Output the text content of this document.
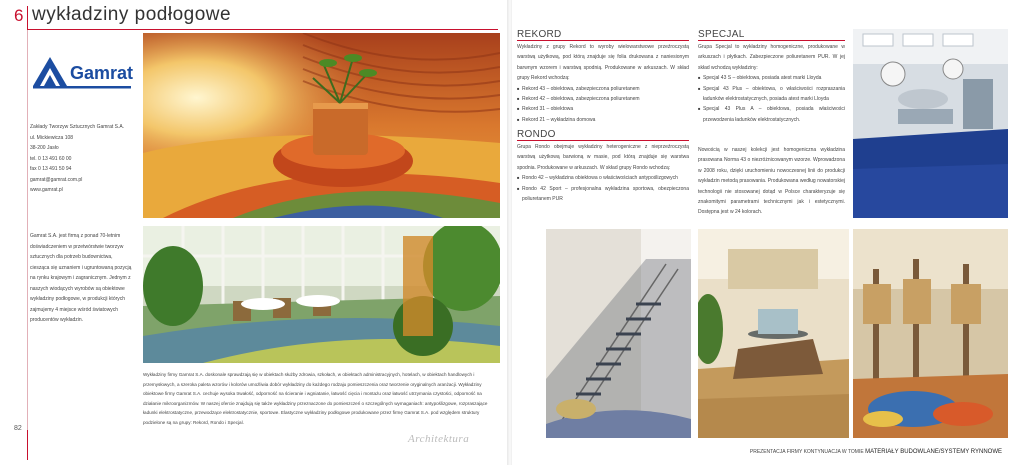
6 wykładziny podłogowe
Gamrat
Zakłady Tworzyw Sztucznych Gamrat S.A.
ul. Mickiewicza 108
38-200 Jasło
tel. 0 13 491 60 00
fax 0 13 491 50 94
gamrat@gamrat.com.pl
www.gamrat.pl
Gamrat S.A. jest firmą z ponad 70-letnim doświadczeniem w przetwórstwie tworzyw sztucznych dla potrzeb budownictwa, ciesząca się uznaniem i ugruntowaną pozycją na rynku krajowym i zagranicznym. Jednym z naszych wiodących wyrobów są obiektowe wykładziny podłogowe, w produkcji których zajmujemy 4 miejsce wśród światowych producentów wykładzin.
Wykładziny firmy Gamrat S.A. doskonale sprawdzają się w obiektach służby zdrowia, szkołach, w obiektach administracyjnych, hotelach, w obiektach handlowych i przemysłowych, a szeroka paleta wzorów i kolorów umożliwia dobór wykładziny do każdego rodzaju pomieszczenia oraz tworzenie oryginalnych aranżacji. Wykładziny obiektowe firmy Gamrat S.A. cechuje wysoka trwałość, odporność na ścieranie i wgniatanie, łatwość cięcia i montażu oraz łatwość utrzymania czystości, odporność na działanie mikroorganizmów. W naszej ofercie znajdują się także wykładziny przeznaczone do pomieszczeń o szczególnych wymaganiach: antypoślizgowe, rozpraszające ładunki elektrostatyczne, przewodzące elektrostatycznie, sportowe. Elastyczne wykładziny podłogowe produkowane przez firmę Gamrat S.A. pod względem struktury podzielone są na grupy: Rekord, Rondo i Specjal.
82
Architektura
REKORD

Wykładziny z grupy Rekord to wyroby wielowarstwowe przeźroczystą warstwą użytkową, pod którą znajduje się folia drukowana z naniesionym barwnym wzorem i warstwą spodnią. Produkowane w arkuszach. W skład grupy Rekord wchodzą:

■ Rekord 43 – obiektowa, zabezpieczona poliuretanem
■ Rekord 42 – obiektowa, zabezpieczona poliuretanem
■ Rekord 31 – obiektowa
■ Rekord 21 – wykładzina domowa
RONDO

Grupa Rondo obejmuje wykładziny heterogeniczne z nieprzeźroczystą warstwą użytkową barwioną w masie, pod którą znajduje się warstwa spodnia. Produkowane w arkuszach. W skład grupy Rondo wchodzą:

■ Rondo 42 – wykładzina obiektowa o właściwościach antypoślizgowych
■ Rondo 42 Sport – profesjonalna wykładzina sportowa, obezpieczona poliuretanem PUR
SPECJAL

Grupa Specjal to wykładziny homogeniczne, produkowane w arkuszach i płytkach. Zabezpieczone poliuretanem PUR. W jej skład wchodzą wykładziny:

■ Specjal 43 S – obiektowa, posiada atest marki Lloyda
■ Specjal 43 Plus – obiektowa, o właściwości rozpraszania ładunków elektrostatycznych, posiada atest marki Lloyda
■ Specjal 43 Plus A – obiektowa, posiada właściwości przewodzenia ładunków elektrostatycznych.
Nowością w naszej kolekcji jest homogeniczna wykładzina prasowana Norma 43 o niezróżnicowanym wzorze. Wprowadzona w 2008 roku, dzięki uruchomieniu nowoczesnej linii do produkcji wykładzin metodą prasowania. Produkowana według nowatorskiej technologii nie stosowanej dotąd w Polsce charakteryzuje się znakomitymi parametrami technicznymi jak i estetycznymi. Dostępna jest w 24 kolorach.
PREZENTACJA FIRMY KONTYNUACJA W TOMIE MATERIAŁY BUDOWLANE/SYSTEMY RYNNOWE
